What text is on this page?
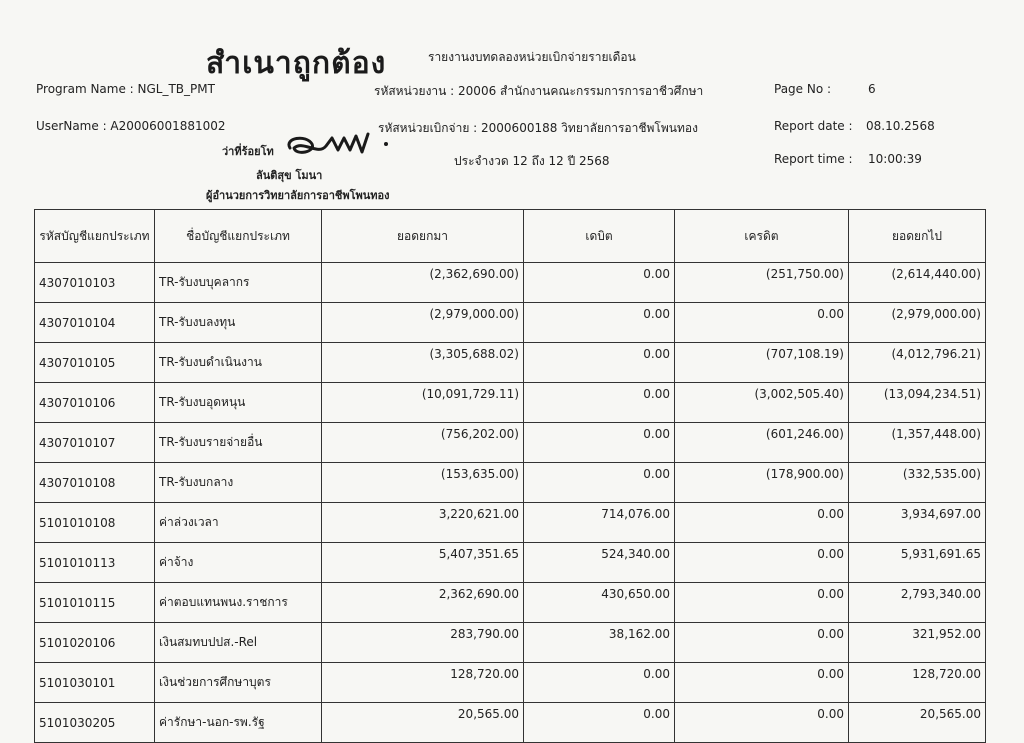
สำเนาถูกต้อง	รายงานงบทดลองหน่วยเบิกจ่ายรายเดือน
Program Name : NGL_TB_PMT	รหัสหน่วยงาน : 20006 สำนักงานคณะกรรมการการอาชีวศึกษา	Page No :	6
UserName : A20006001881002	รหัสหน่วยเบิกจ่าย : 2000600188 วิทยาลัยการอาชีพโพนทอง	Report date : 08.10.2568
ว่าที่ร้อยโท
ลันติสุข โมนา
ผู้อำนวยการวิทยาลัยการอาชีพโพนทอง
ประจำงวด 12 ถึง 12 ปี 2568	Report time : 10:00:39
รหัสบัญชีแยกประเภท	ชื่อบัญชีแยกประเภท	ยอดยกมา	เดบิต	เครดิต	ยอดยกไป
4307010103	TR-รับงบบุคลากร	(2,362,690.00)	0.00	(251,750.00)	(2,614,440.00)
4307010104	TR-รับงบลงทุน	(2,979,000.00)	0.00	0.00	(2,979,000.00)
4307010105	TR-รับงบดำเนินงาน	(3,305,688.02)	0.00	(707,108.19)	(4,012,796.21)
4307010106	TR-รับงบอุดหนุน	(10,091,729.11)	0.00	(3,002,505.40)	(13,094,234.51)
4307010107	TR-รับงบรายจ่ายอื่น	(756,202.00)	0.00	(601,246.00)	(1,357,448.00)
4307010108	TR-รับงบกลาง	(153,635.00)	0.00	(178,900.00)	(332,535.00)
5101010108	ค่าล่วงเวลา	3,220,621.00	714,076.00	0.00	3,934,697.00
5101010113	ค่าจ้าง	5,407,351.65	524,340.00	0.00	5,931,691.65
5101010115	ค่าตอบแทนพนง.ราชการ	2,362,690.00	430,650.00	0.00	2,793,340.00
5101020106	เงินสมทบปปส.-Rel	283,790.00	38,162.00	0.00	321,952.00
5101030101	เงินช่วยการศึกษาบุตร	128,720.00	0.00	0.00	128,720.00
5101030205	ค่ารักษา-นอก-รพ.รัฐ	20,565.00	0.00	0.00	20,565.00
